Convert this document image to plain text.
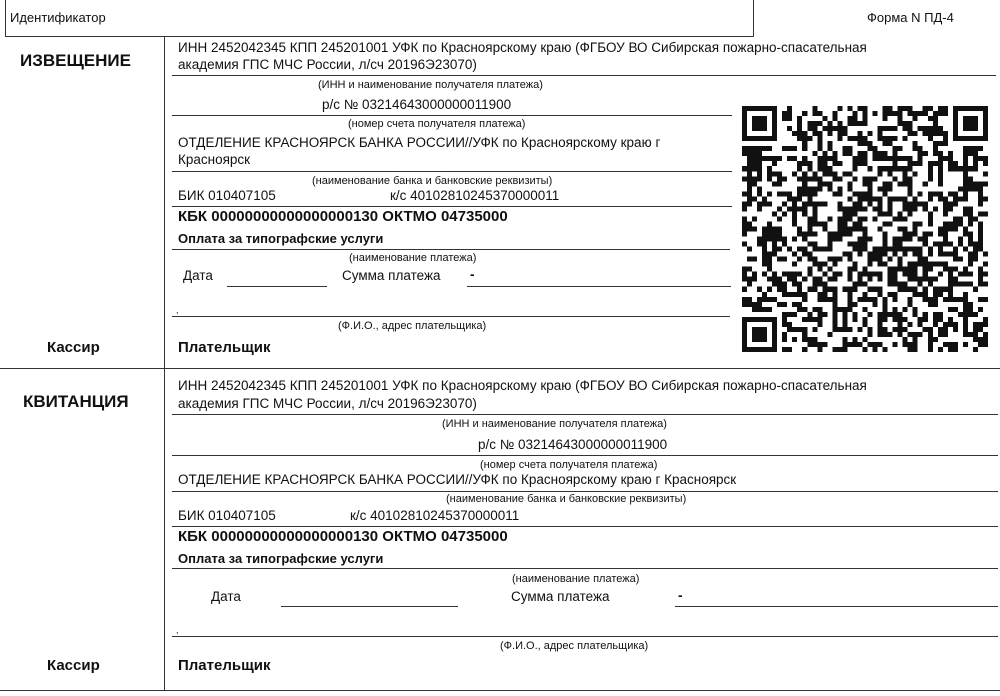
Идентификатор	Форма N ПД-4
ИЗВЕЩЕНИЕ
Кассир
ИНН 2452042345 КПП 245201001 УФК по Красноярскому краю (ФГБОУ ВО Сибирская пожарно-спасательная
академия ГПС МЧС России, л/сч 20196Э23070)
(ИНН и наименование получателя платежа)
р/с № 03214643000000011900
(номер счета получателя платежа)
ОТДЕЛЕНИЕ КРАСНОЯРСК БАНКА РОССИИ//УФК по Красноярскому краю г
Красноярск
(наименование банка и банковские реквизиты)
БИК 010407105	к/с 40102810245370000011
КБК 00000000000000000130 ОКТМО 04735000
Оплата за типографские услуги
(наименование платежа)
Дата	Сумма платежа -
,
(Ф.И.О., адрес плательщика)
Плательщик
КВИТАНЦИЯ
Кассир
ИНН 2452042345 КПП 245201001 УФК по Красноярскому краю (ФГБОУ ВО Сибирская пожарно-спасательная
академия ГПС МЧС России, л/сч 20196Э23070)
(ИНН и наименование получателя платежа)
р/с № 03214643000000011900
(номер счета получателя платежа)
ОТДЕЛЕНИЕ КРАСНОЯРСК БАНКА РОССИИ//УФК по Красноярскому краю г Красноярск
(наименование банка и банковские реквизиты)
БИК 010407105	к/с 40102810245370000011
КБК 00000000000000000130 ОКТМО 04735000
Оплата за типографские услуги
(наименование платежа)
Дата	Сумма платежа	-
,
(Ф.И.О., адрес плательщика)
Плательщик
